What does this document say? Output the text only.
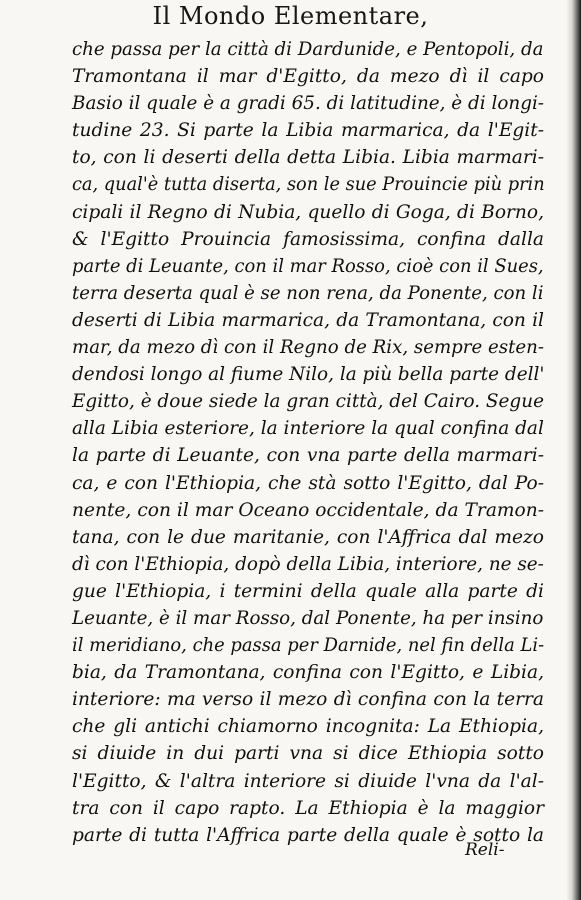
Il Mondo Elementare,
che passa per la città di Dardunide, e Pentopoli, da
Tramontana il mar d'Egitto, da mezo dì il capo
Basio il quale è a gradi 65. di latitudine, è di longi-
tudine 23. Si parte la Libia marmarica, da l'Egit-
to, con li deserti della detta Libia. Libia marmari-
ca, qual'è tutta diserta, son le sue Prouincie più prin
cipali il Regno di Nubia, quello di Goga, di Borno,
& l'Egitto Prouincia famosissima, confina dalla
parte di Leuante, con il mar Rosso, cioè con il Sues,
terra deserta qual è se non rena, da Ponente, con li
deserti di Libia marmarica, da Tramontana, con il
mar, da mezo dì con il Regno de Rix, sempre esten-
dendosi longo al fiume Nilo, la più bella parte dell'
Egitto, è doue siede la gran città, del Cairo. Segue
alla Libia esteriore, la interiore la qual confina dal
la parte di Leuante, con vna parte della marmari-
ca, e con l'Ethiopia, che stà sotto l'Egitto, dal Po-
nente, con il mar Oceano occidentale, da Tramon-
tana, con le due maritanie, con l'Affrica dal mezo
dì con l'Ethiopia, dopò della Libia, interiore, ne se-
gue l'Ethiopia, i termini della quale alla parte di
Leuante, è il mar Rosso, dal Ponente, ha per insino
il meridiano, che passa per Darnide, nel fin della Li-
bia, da Tramontana, confina con l'Egitto, e Libia,
interiore: ma verso il mezo dì confina con la terra
che gli antichi chiamorno incognita: La Ethiopia,
si diuide in dui parti vna si dice Ethiopia sotto
l'Egitto, & l'altra interiore si diuide l'vna da l'al-
tra con il capo rapto. La Ethiopia è la maggior
parte di tutta l'Affrica parte della quale è sotto la
Reli-
